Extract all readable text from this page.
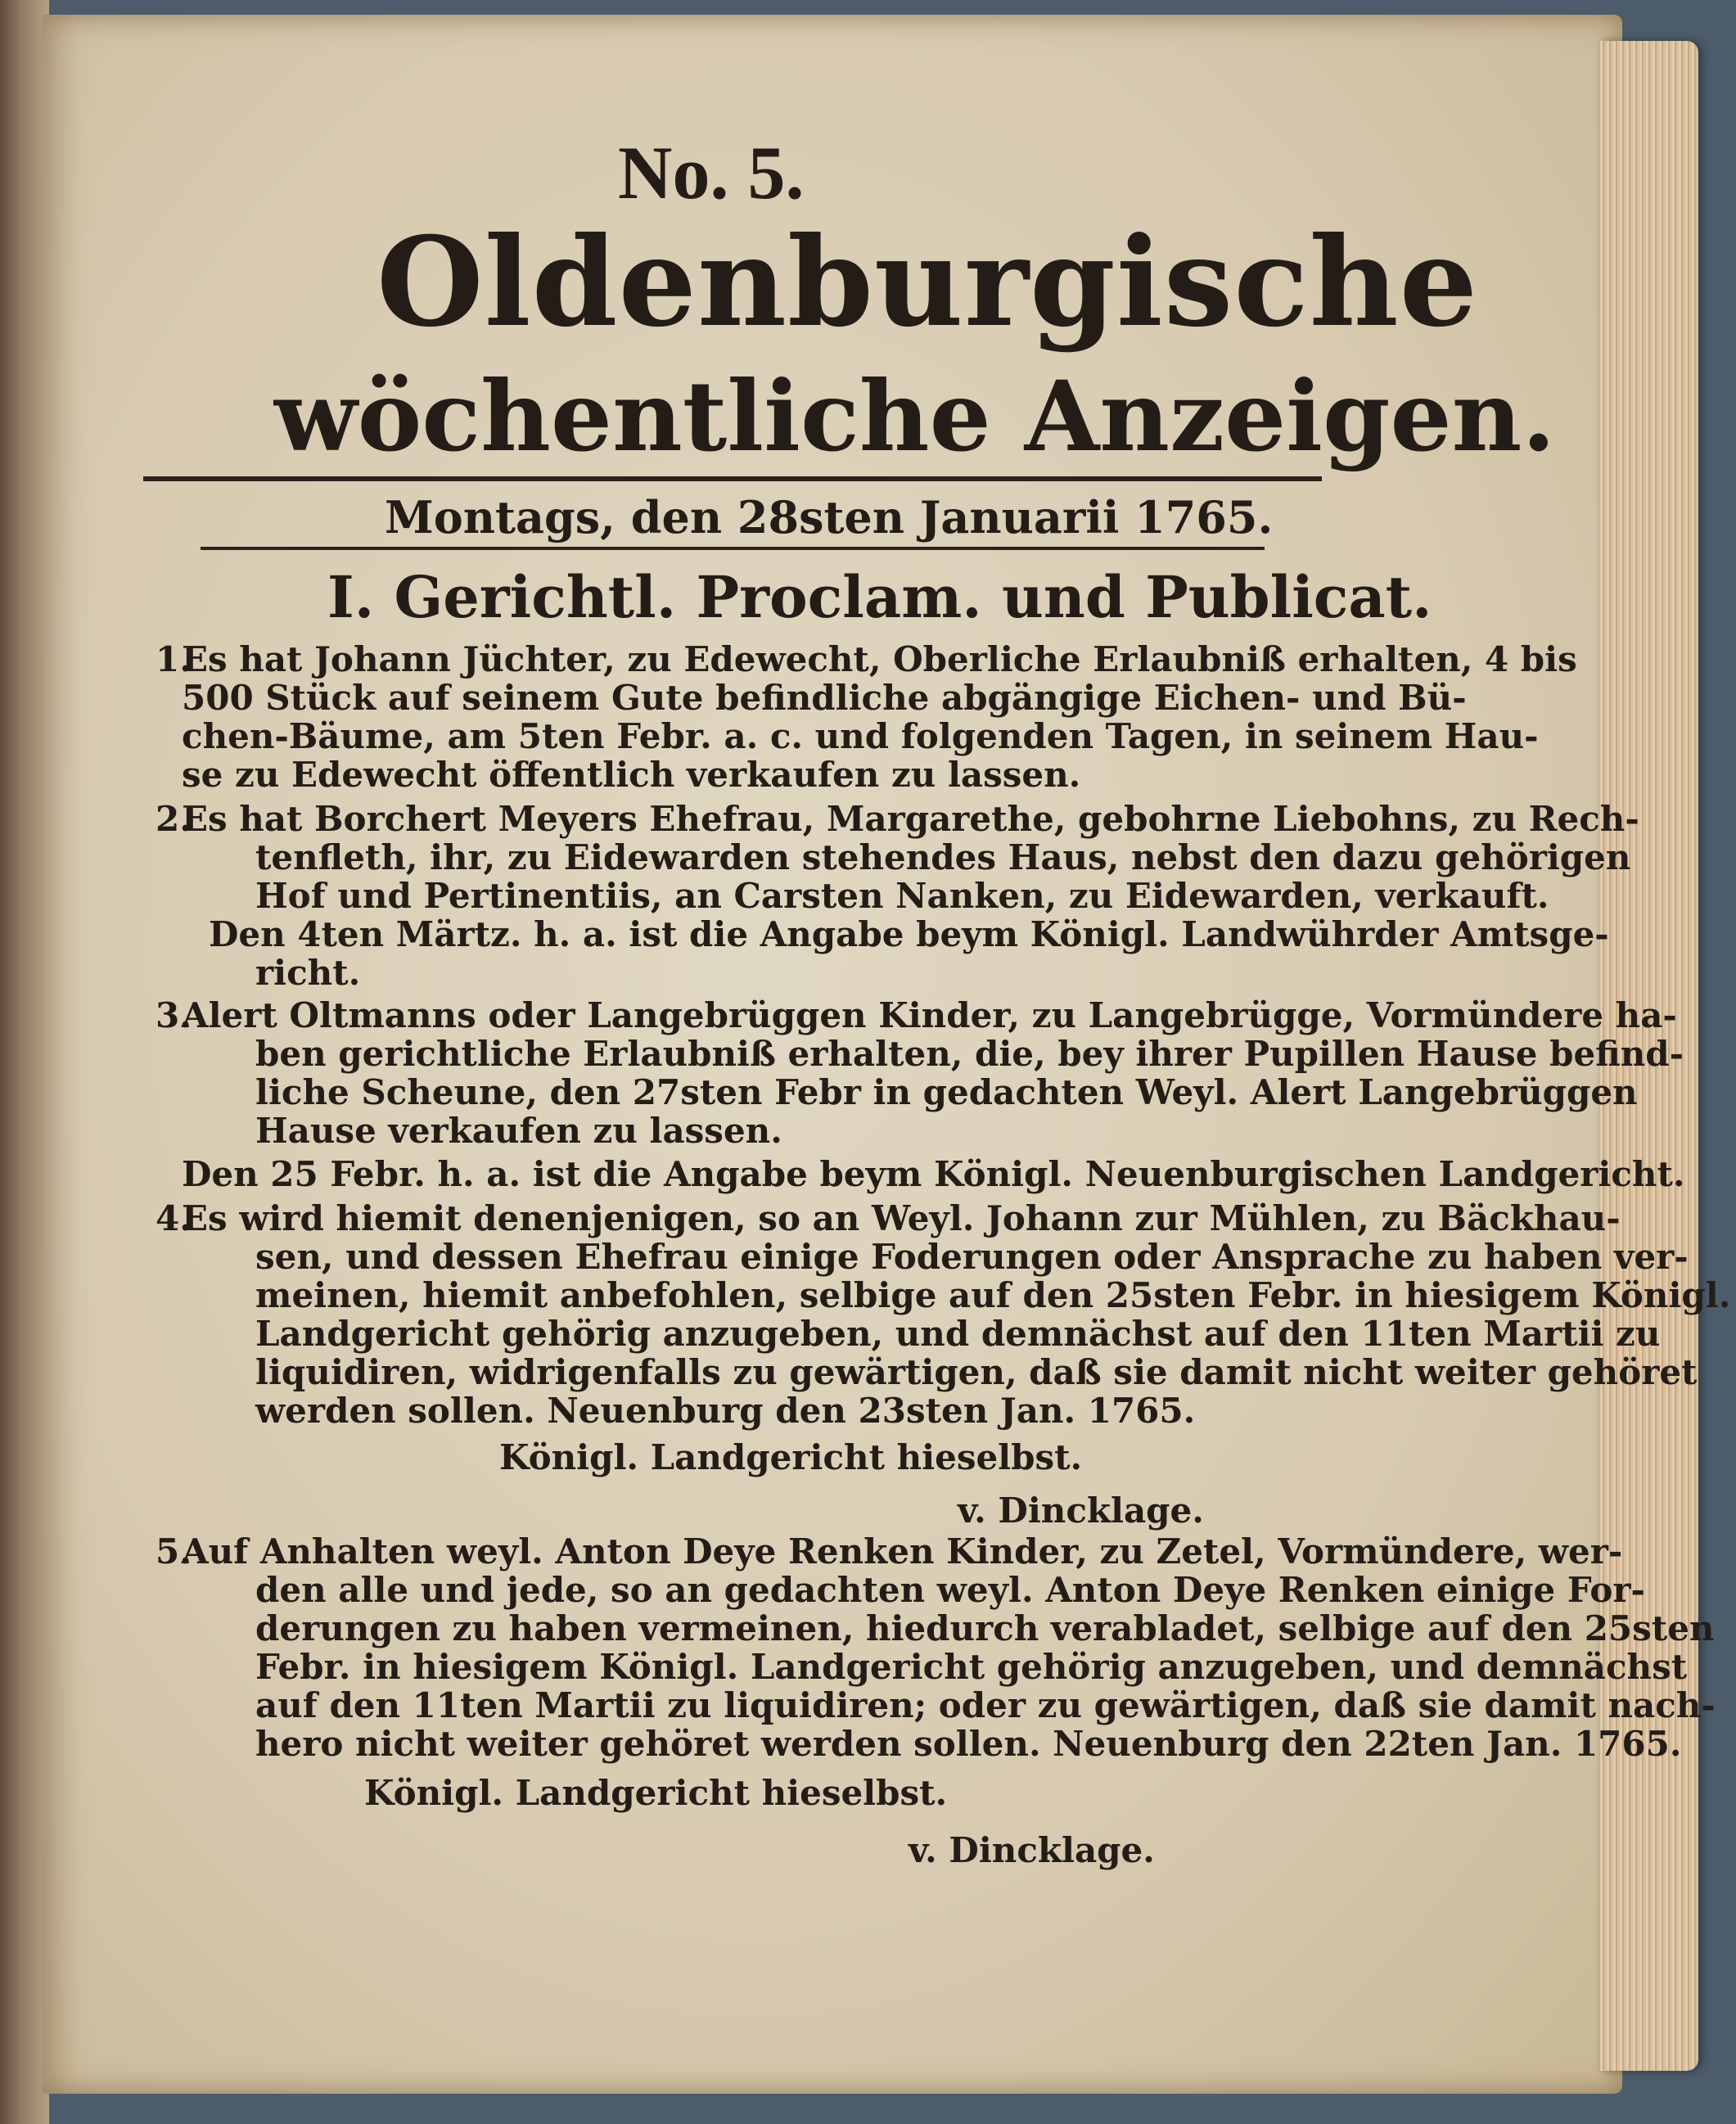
No. 5.
Oldenburgische
wöchentliche Anzeigen.
Montags, den 28sten Januarii 1765.
I. Gerichtl. Proclam. und Publicat.
1.
Es hat Johann Jüchter, zu Edewecht, Oberliche Erlaubniß erhalten, 4 bis
500 Stück auf seinem Gute befindliche abgängige Eichen- und Bü-
chen-Bäume, am 5ten Febr. a. c. und folgenden Tagen, in seinem Hau-
se zu Edewecht öffentlich verkaufen zu lassen.
2.
Es hat Borchert Meyers Ehefrau, Margarethe, gebohrne Liebohns, zu Rech-
tenfleth, ihr, zu Eidewarden stehendes Haus, nebst den dazu gehörigen
Hof und Pertinentiis, an Carsten Nanken, zu Eidewarden, verkauft.
Den 4ten Märtz. h. a. ist die Angabe beym Königl. Landwührder Amtsge-
richt.
3.
Alert Oltmanns oder Langebrüggen Kinder, zu Langebrügge, Vormündere ha-
ben gerichtliche Erlaubniß erhalten, die, bey ihrer Pupillen Hause befind-
liche Scheune, den 27sten Febr in gedachten Weyl. Alert Langebrüggen
Hause verkaufen zu lassen.
Den 25 Febr. h. a. ist die Angabe beym Königl. Neuenburgischen Landgericht.
4.
Es wird hiemit denenjenigen, so an Weyl. Johann zur Mühlen, zu Bäckhau-
sen, und dessen Ehefrau einige Foderungen oder Ansprache zu haben ver-
meinen, hiemit anbefohlen, selbige auf den 25sten Febr. in hiesigem Königl.
Landgericht gehörig anzugeben, und demnächst auf den 11ten Martii zu
liquidiren, widrigenfalls zu gewärtigen, daß sie damit nicht weiter gehöret
werden sollen. Neuenburg den 23sten Jan. 1765.
Königl. Landgericht hieselbst.
v. Dincklage.
5.
Auf Anhalten weyl. Anton Deye Renken Kinder, zu Zetel, Vormündere, wer-
den alle und jede, so an gedachten weyl. Anton Deye Renken einige For-
derungen zu haben vermeinen, hiedurch verabladet, selbige auf den 25sten
Febr. in hiesigem Königl. Landgericht gehörig anzugeben, und demnächst
auf den 11ten Martii zu liquidiren; oder zu gewärtigen, daß sie damit nach-
hero nicht weiter gehöret werden sollen. Neuenburg den 22ten Jan. 1765.
Königl. Landgericht hieselbst.
v. Dincklage.
